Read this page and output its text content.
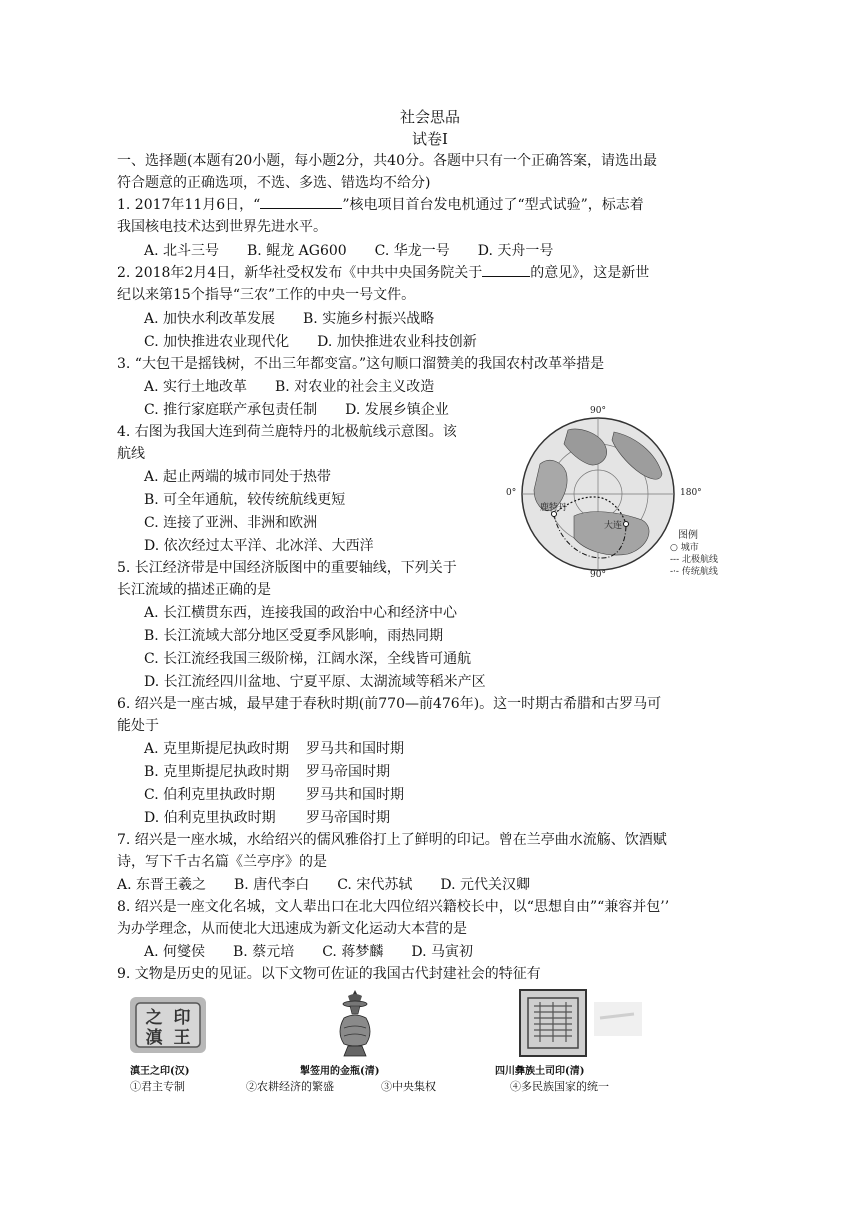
社会思品
试卷Ⅰ
一、选择题(本题有20小题，每小题2分，共40分。各题中只有一个正确答案，请选出最
符合题意的正确选项，不选、多选、错选均不给分)
1. 2017年11月6日，“	”核电项目首台发电机通过了“型式试验”，标志着
我国核电技术达到世界先进水平。
A. 北斗三号 B. 鲲龙 AG600 C. 华龙一号 D. 天舟一号
2. 2018年2月4日，新华社受权发布《中共中央国务院关于	的意见》，这是新世
纪以来第15个指导“三农”工作的中央一号文件。
A. 加快水利改革发展 B. 实施乡村振兴战略
C. 加快推进农业现代化 D. 加快推进农业科技创新
3. “大包干是摇钱树，不出三年都变富。”这句顺口溜赞美的我国农村改革举措是
A. 实行土地改革 B. 对农业的社会主义改造
C. 推行家庭联产承包责任制 D. 发展乡镇企业
4. 右图为我国大连到荷兰鹿特丹的北极航线示意图。该
航线
A. 起止两端的城市同处于热带
B. 可全年通航，较传统航线更短
C. 连接了亚洲、非洲和欧洲
D. 依次经过太平洋、北冰洋、大西洋
90°
0°	180°
90°
鹿特丹
大连
图例
○ 城市
--- 北极航线
-·- 传统航线
5. 长江经济带是中国经济版图中的重要轴线，下列关于
长江流域的描述正确的是
A. 长江横贯东西，连接我国的政治中心和经济中心
B. 长江流域大部分地区受夏季风影响，雨热同期
C. 长江流经我国三级阶梯，江阔水深，全线皆可通航
D. 长江流经四川盆地、宁夏平原、太湖流域等稻米产区
6. 绍兴是一座古城，最早建于春秋时期(前770—前476年)。这一时期古希腊和古罗马可
能处于
A. 克里斯提尼执政时期 罗马共和国时期
B. 克里斯提尼执政时期 罗马帝国时期
C. 伯利克里执政时期 罗马共和国时期
D. 伯利克里执政时期 罗马帝国时期
7. 绍兴是一座水城，水给绍兴的儒风雅俗打上了鲜明的印记。曾在兰亭曲水流觞、饮酒赋
诗，写下千古名篇《兰亭序》的是
A. 东晋王羲之 B. 唐代李白 C. 宋代苏轼 D. 元代关汉卿
8. 绍兴是一座文化名城，文人辈出口在北大四位绍兴籍校长中，以“思想自由”“兼容并包’’
为办学理念，从而使北大迅速成为新文化运动大本营的是
A. 何燮侯 B. 蔡元培 C. 蒋梦麟 D. 马寅初
9. 文物是历史的见证。以下文物可佐证的我国古代封建社会的特征有
之 印
滇 王
滇王之印(汉)	掣签用的金瓶(清)	四川彝族土司印(清)
①君主专制	②农耕经济的繁盛	③中央集权	④多民族国家的统一
